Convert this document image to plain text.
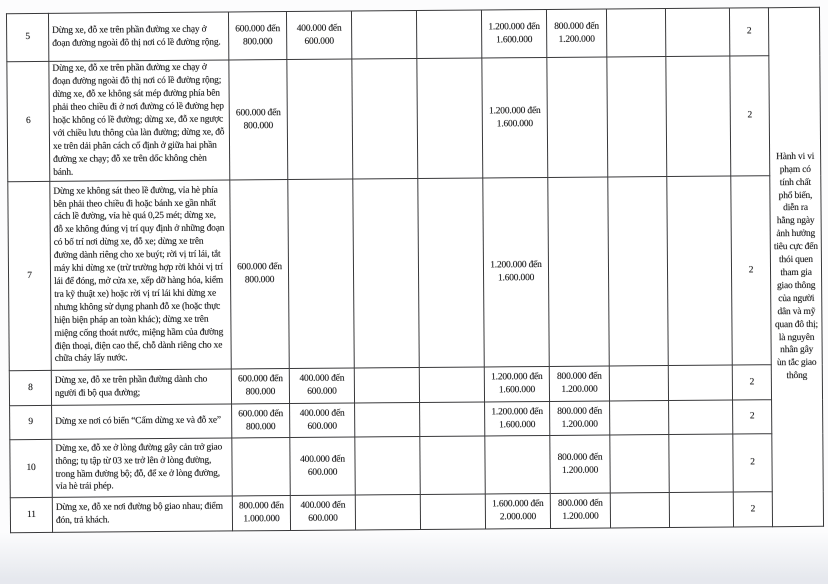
5	Dừng xe, đỗ xe trên phần đường xe chạy ở đoạn đường ngoài đô thị nơi có lề đường rộng.	600.000 đến 800.000	400.000 đến 600.000			1.200.000 đến 1.600.000	800.000 đến 1.200.000			2	Hành vi vi phạm có tính chất phổ biến, diễn ra hằng ngày ảnh hưởng tiêu cực đến thói quen tham gia giao thông của người dân và mỹ quan đô thị; là nguyên nhân gây ùn tắc giao thông
6	Dừng xe, đỗ xe trên phần đường xe chạy ở đoạn đường ngoài đô thị nơi có lề đường rộng; dừng xe, đỗ xe không sát mép đường phía bên phải theo chiều đi ở nơi đường có lề đường hẹp hoặc không có lề đường; dừng xe, đỗ xe ngược với chiều lưu thông của làn đường; dừng xe, đỗ xe trên dải phân cách cố định ở giữa hai phần đường xe chạy; đỗ xe trên dốc không chèn bánh.	600.000 đến 800.000				1.200.000 đến 1.600.000				2	
7	Dừng xe không sát theo lề đường, vỉa hè phía bên phải theo chiều đi hoặc bánh xe gần nhất cách lề đường, vỉa hè quá 0,25 mét; dừng xe, đỗ xe không đúng vị trí quy định ở những đoạn có bố trí nơi dừng xe, đỗ xe; dừng xe trên đường dành riêng cho xe buýt; rời vị trí lái, tắt máy khi dừng xe (trừ trường hợp rời khỏi vị trí lái để đóng, mở cửa xe, xếp dỡ hàng hóa, kiểm tra kỹ thuật xe) hoặc rời vị trí lái khi dừng xe nhưng không sử dụng phanh đỗ xe (hoặc thực hiện biện pháp an toàn khác); dừng xe trên miệng cống thoát nước, miệng hầm của đường điện thoại, điện cao thế, chỗ dành riêng cho xe chữa cháy lấy nước.	600.000 đến 800.000				1.200.000 đến 1.600.000				2	
8	Dừng xe, đỗ xe trên phần đường dành cho người đi bộ qua đường;	600.000 đến 800.000	400.000 đến 600.000			1.200.000 đến 1.600.000	800.000 đến 1.200.000			2	
9	Dừng xe nơi có biển “Cấm dừng xe và đỗ xe”	600.000 đến 800.000	400.000 đến 600.000			1.200.000 đến 1.600.000	800.000 đến 1.200.000			2	
10	Dừng xe, đỗ xe ở lòng đường gây cản trở giao thông; tụ tập từ 03 xe trở lên ở lòng đường, trong hầm đường bộ; đỗ, để xe ở lòng đường, vỉa hè trái phép.		400.000 đến 600.000				800.000 đến 1.200.000			2	
11	Dừng xe, đỗ xe nơi đường bộ giao nhau; điểm đón, trả khách.	800.000 đến 1.000.000	400.000 đến 600.000			1.600.000 đến 2.000.000	800.000 đến 1.200.000			2	
